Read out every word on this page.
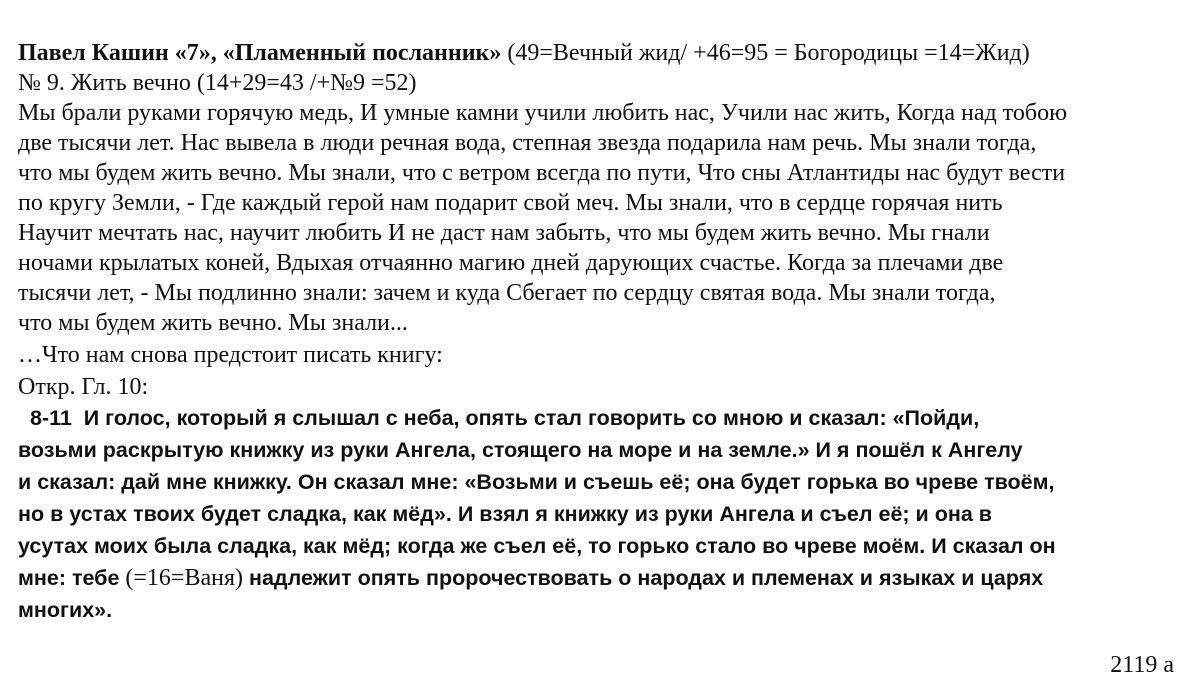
Павел Кашин «7», «Пламенный посланник» (49=Вечный жид/ +46=95 = Богородицы =14=Жид)
№ 9. Жить вечно (14+29=43 /+№9 =52)
Мы брали руками горячую медь, И умные камни учили любить нас, Учили нас жить, Когда над тобою
две тысячи лет. Нас вывела в люди речная вода, степная звезда подарила нам речь. Мы знали тогда,
что мы будем жить вечно. Мы знали, что с ветром всегда по пути, Что сны Атлантиды нас будут вести
по кругу Земли, - Где каждый герой нам подарит свой меч. Мы знали, что в сердце горячая нить
Научит мечтать нас, научит любить И не даст нам забыть, что мы будем жить вечно. Мы гнали
ночами крылатых коней, Вдыхая отчаянно магию дней дарующих счастье. Когда за плечами две
тысячи лет, - Мы подлинно знали: зачем и куда Сбегает по сердцу святая вода. Мы знали тогда,
что мы будем жить вечно. Мы знали...
…Что нам снова предстоит писать книгу:
Откр. Гл. 10:
8-11  И голос, который я слышал с неба, опять стал говорить со мною и сказал: «Пойди,
возьми раскрытую книжку из руки Ангела, стоящего на море и на земле.» И я пошёл к Ангелу
и сказал: дай мне книжку. Он сказал мне: «Возьми и съешь её; она будет горька во чреве твоём,
но в устах твоих будет сладка, как мёд». И взял я книжку из руки Ангела и съел её; и она в
усутах моих была сладка, как мёд; когда же съел её, то горько стало во чреве моём. И сказал он
мне: тебе (=16=Ваня) надлежит опять пророчествовать о народах и племенах и языках и царях
многих».
2119 а
